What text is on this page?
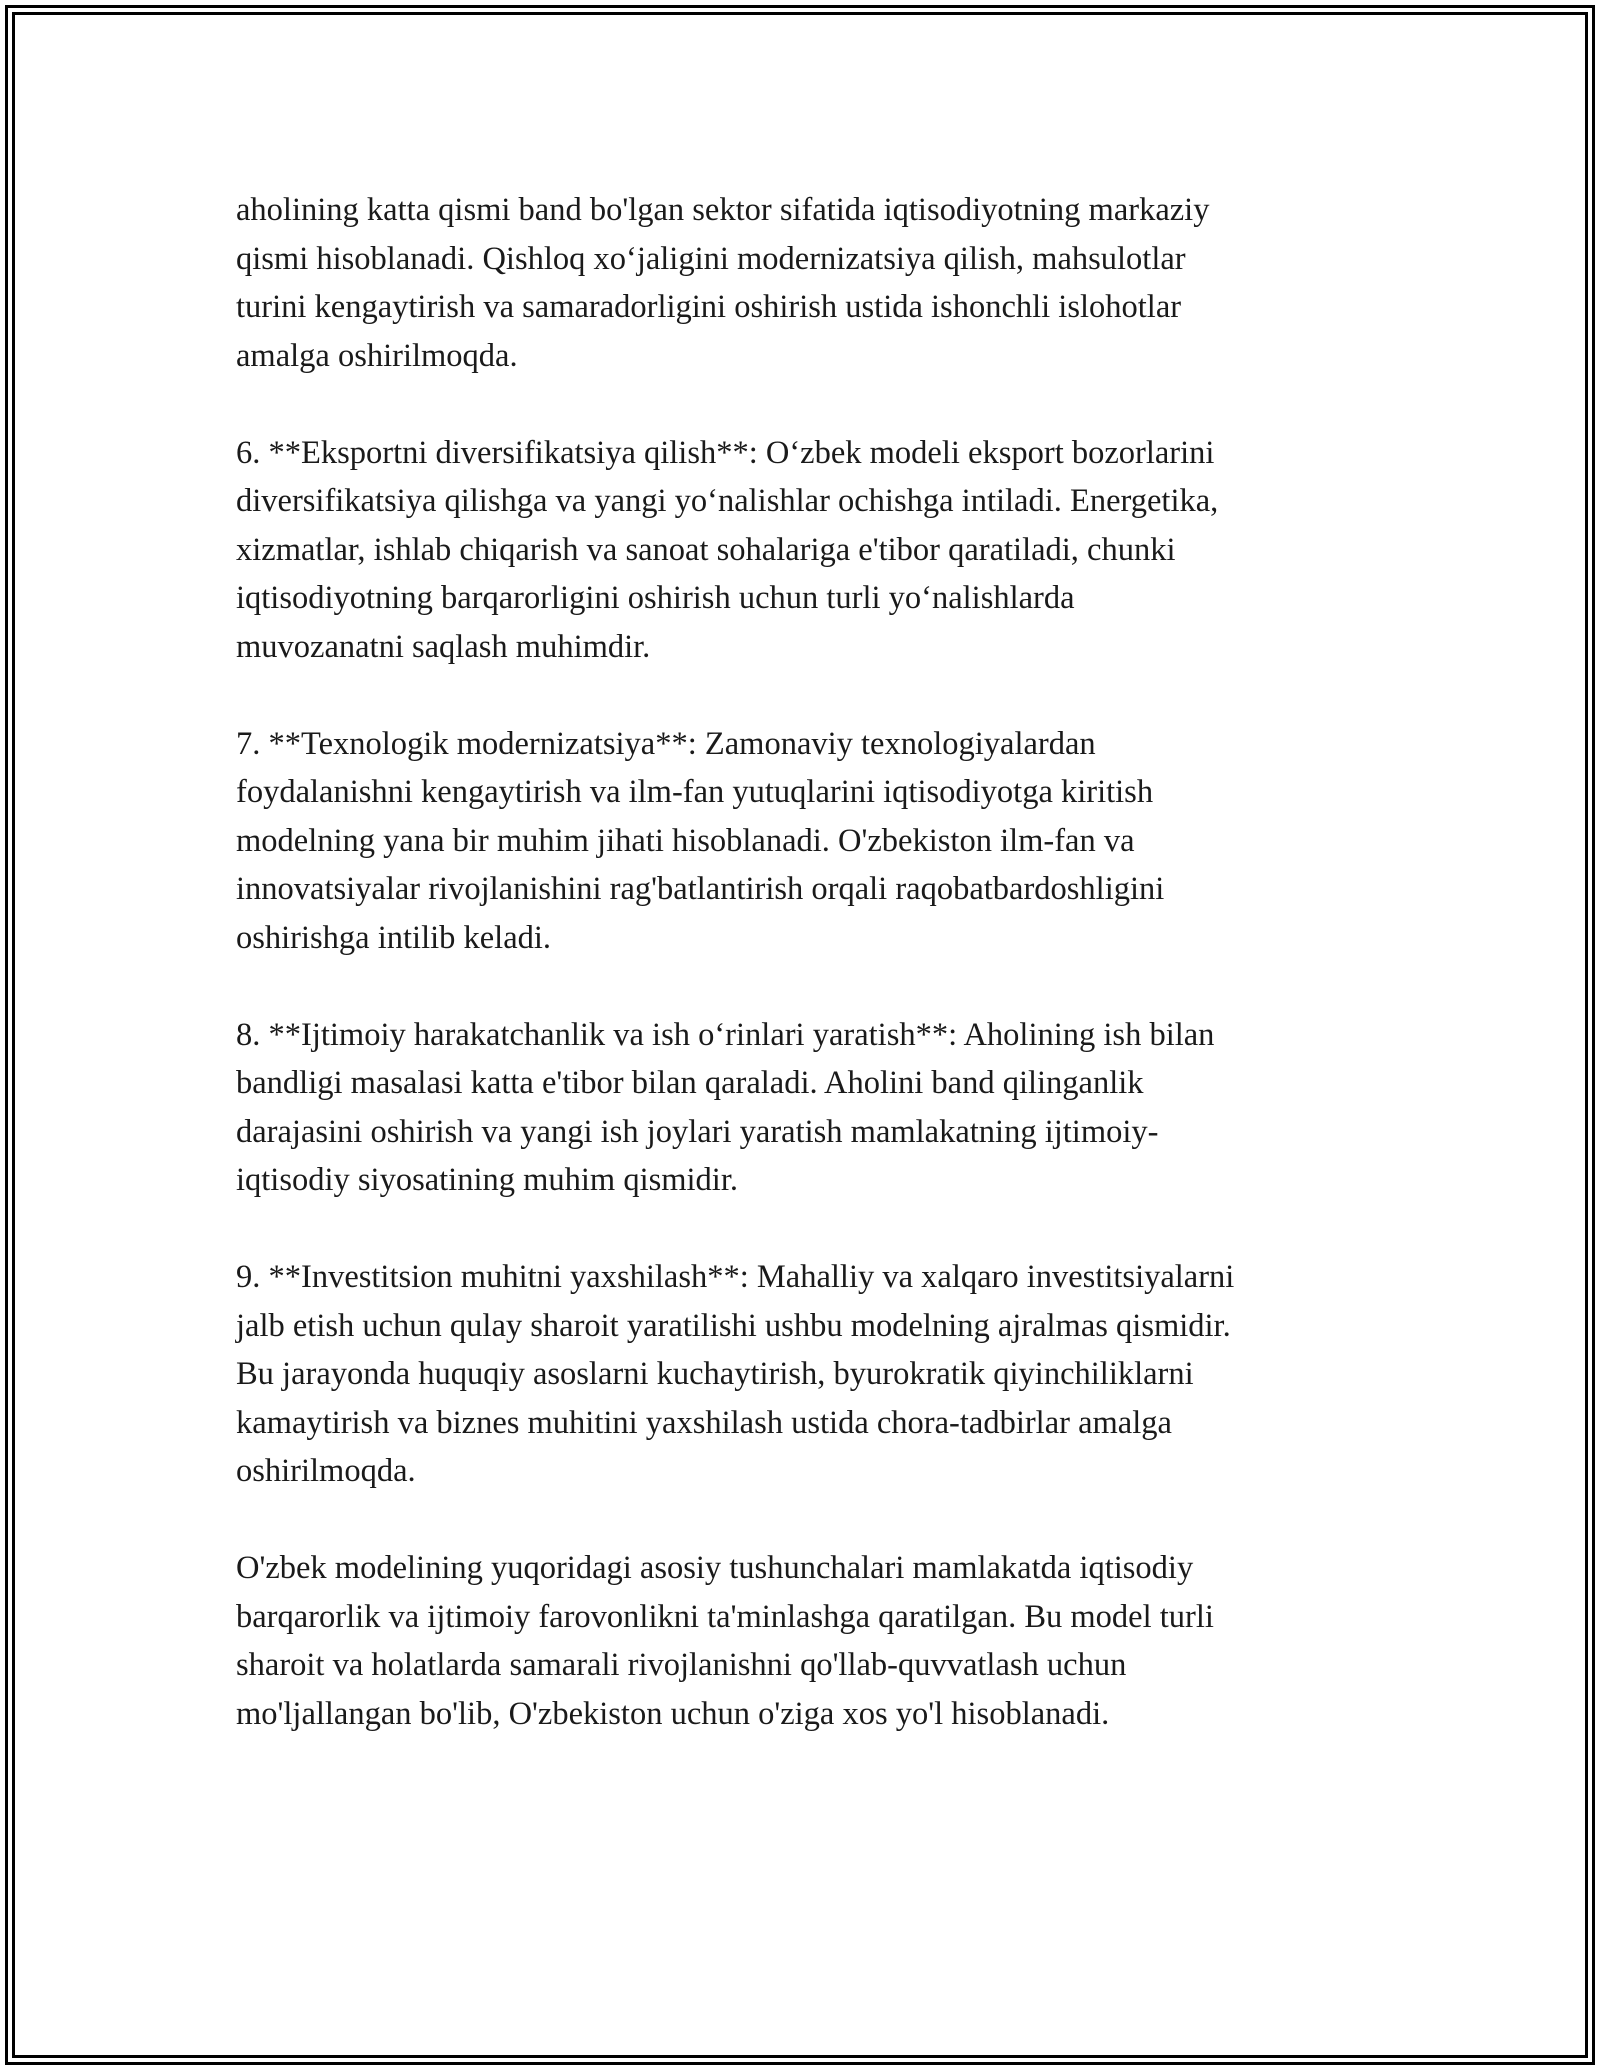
aholining katta qismi band bo'lgan sektor sifatida iqtisodiyotning markaziy
qismi hisoblanadi. Qishloq xo‘jaligini modernizatsiya qilish, mahsulotlar
turini kengaytirish va samaradorligini oshirish ustida ishonchli islohotlar
amalga oshirilmoqda.

6. **Eksportni diversifikatsiya qilish**: O‘zbek modeli eksport bozorlarini
diversifikatsiya qilishga va yangi yo‘nalishlar ochishga intiladi. Energetika,
xizmatlar, ishlab chiqarish va sanoat sohalariga e'tibor qaratiladi, chunki
iqtisodiyotning barqarorligini oshirish uchun turli yo‘nalishlarda
muvozanatni saqlash muhimdir.

7. **Texnologik modernizatsiya**: Zamonaviy texnologiyalardan
foydalanishni kengaytirish va ilm-fan yutuqlarini iqtisodiyotga kiritish
modelning yana bir muhim jihati hisoblanadi. O'zbekiston ilm-fan va
innovatsiyalar rivojlanishini rag'batlantirish orqali raqobatbardoshligini
oshirishga intilib keladi.

8. **Ijtimoiy harakatchanlik va ish o‘rinlari yaratish**: Aholining ish bilan
bandligi masalasi katta e'tibor bilan qaraladi. Aholini band qilinganlik
darajasini oshirish va yangi ish joylari yaratish mamlakatning ijtimoiy-
iqtisodiy siyosatining muhim qismidir.

9. **Investitsion muhitni yaxshilash**: Mahalliy va xalqaro investitsiyalarni
jalb etish uchun qulay sharoit yaratilishi ushbu modelning ajralmas qismidir.
Bu jarayonda huquqiy asoslarni kuchaytirish, byurokratik qiyinchiliklarni
kamaytirish va biznes muhitini yaxshilash ustida chora-tadbirlar amalga
oshirilmoqda.

O'zbek modelining yuqoridagi asosiy tushunchalari mamlakatda iqtisodiy
barqarorlik va ijtimoiy farovonlikni ta'minlashga qaratilgan. Bu model turli
sharoit va holatlarda samarali rivojlanishni qo'llab-quvvatlash uchun
mo'ljallangan bo'lib, O'zbekiston uchun o'ziga xos yo'l hisoblanadi.
